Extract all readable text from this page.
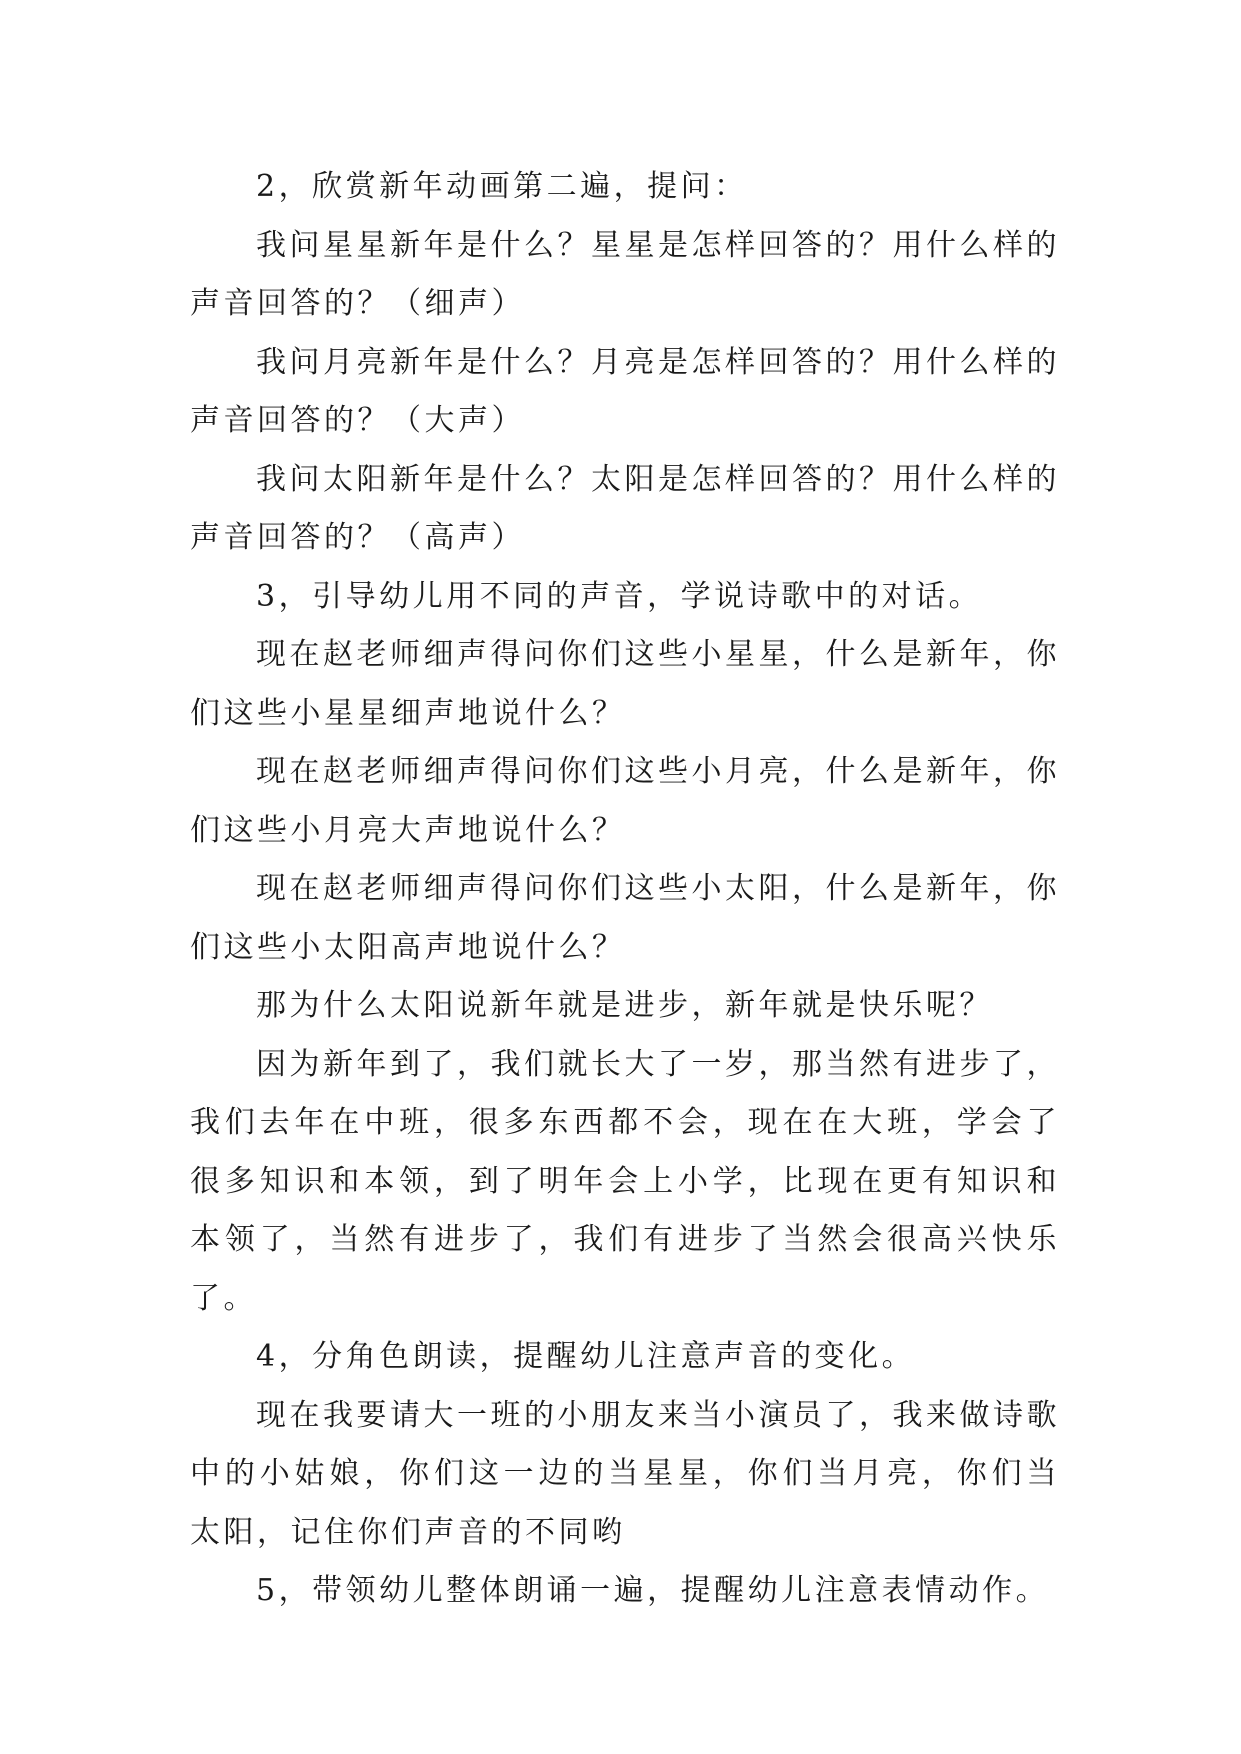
2，欣赏新年动画第二遍，提问：

我问星星新年是什么？星星是怎样回答的？用什么样的声音回答的？（细声）

我问月亮新年是什么？月亮是怎样回答的？用什么样的声音回答的？（大声）

我问太阳新年是什么？太阳是怎样回答的？用什么样的声音回答的？（高声）

3，引导幼儿用不同的声音，学说诗歌中的对话。

现在赵老师细声得问你们这些小星星，什么是新年，你们这些小星星细声地说什么？

现在赵老师细声得问你们这些小月亮，什么是新年，你们这些小月亮大声地说什么？

现在赵老师细声得问你们这些小太阳，什么是新年，你们这些小太阳高声地说什么？

那为什么太阳说新年就是进步，新年就是快乐呢？

因为新年到了，我们就长大了一岁，那当然有进步了，我们去年在中班，很多东西都不会，现在在大班，学会了很多知识和本领，到了明年会上小学，比现在更有知识和本领了，当然有进步了，我们有进步了当然会很高兴快乐了。

4，分角色朗读，提醒幼儿注意声音的变化。

现在我要请大一班的小朋友来当小演员了，我来做诗歌中的小姑娘，你们这一边的当星星，你们当月亮，你们当太阳，记住你们声音的不同哟

5，带领幼儿整体朗诵一遍，提醒幼儿注意表情动作。
